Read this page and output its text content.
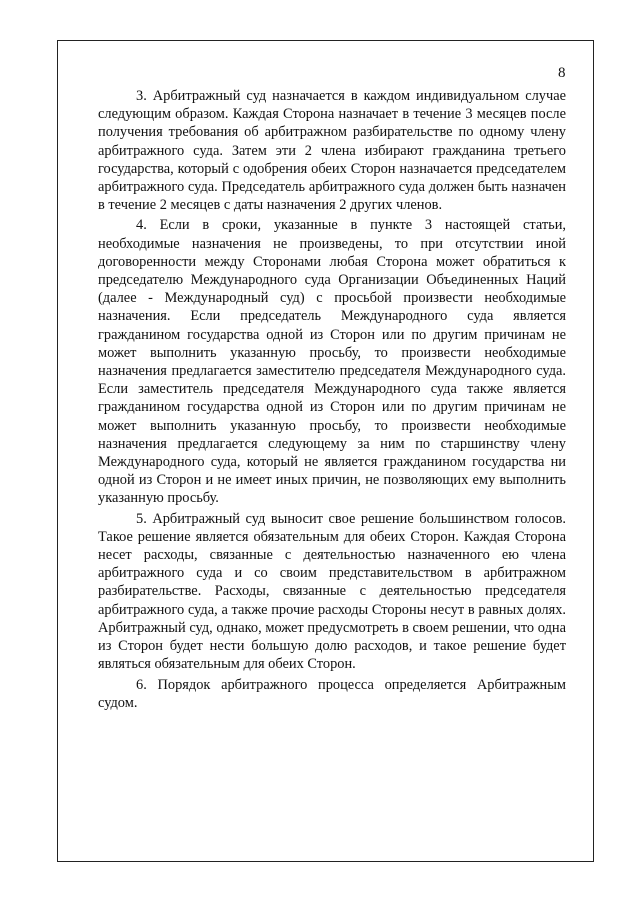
8

3. Арбитражный суд назначается в каждом индивидуальном случае следующим образом. Каждая Сторона назначает в течение 3 месяцев после получения требования об арбитражном разбирательстве по одному члену арбитражного суда. Затем эти 2 члена избирают гражданина третьего государства, который с одобрения обеих Сторон назначается председателем арбитражного суда. Председатель арбитражного суда должен быть назначен в течение 2 месяцев с даты назначения 2 других членов.

4. Если в сроки, указанные в пункте 3 настоящей статьи, необходимые назначения не произведены, то при отсутствии иной договоренности между Сторонами любая Сторона может обратиться к председателю Международного суда Организации Объединенных Наций (далее - Международный суд) с просьбой произвести необходимые назначения. Если председатель Международного суда является гражданином государства одной из Сторон или по другим причинам не может выполнить указанную просьбу, то произвести необходимые назначения предлагается заместителю председателя Международного суда. Если заместитель председателя Международного суда также является гражданином государства одной из Сторон или по другим причинам не может выполнить указанную просьбу, то произвести необходимые назначения предлагается следующему за ним по старшинству члену Международного суда, который не является гражданином государства ни одной из Сторон и не имеет иных причин, не позволяющих ему выполнить указанную просьбу.

5. Арбитражный суд выносит свое решение большинством голосов. Такое решение является обязательным для обеих Сторон. Каждая Сторона несет расходы, связанные с деятельностью назначенного ею члена арбитражного суда и со своим представительством в арбитражном разбирательстве. Расходы, связанные с деятельностью председателя арбитражного суда, а также прочие расходы Стороны несут в равных долях. Арбитражный суд, однако, может предусмотреть в своем решении, что одна из Сторон будет нести большую долю расходов, и такое решение будет являться обязательным для обеих Сторон.

6. Порядок арбитражного процесса определяется Арбитражным судом.
